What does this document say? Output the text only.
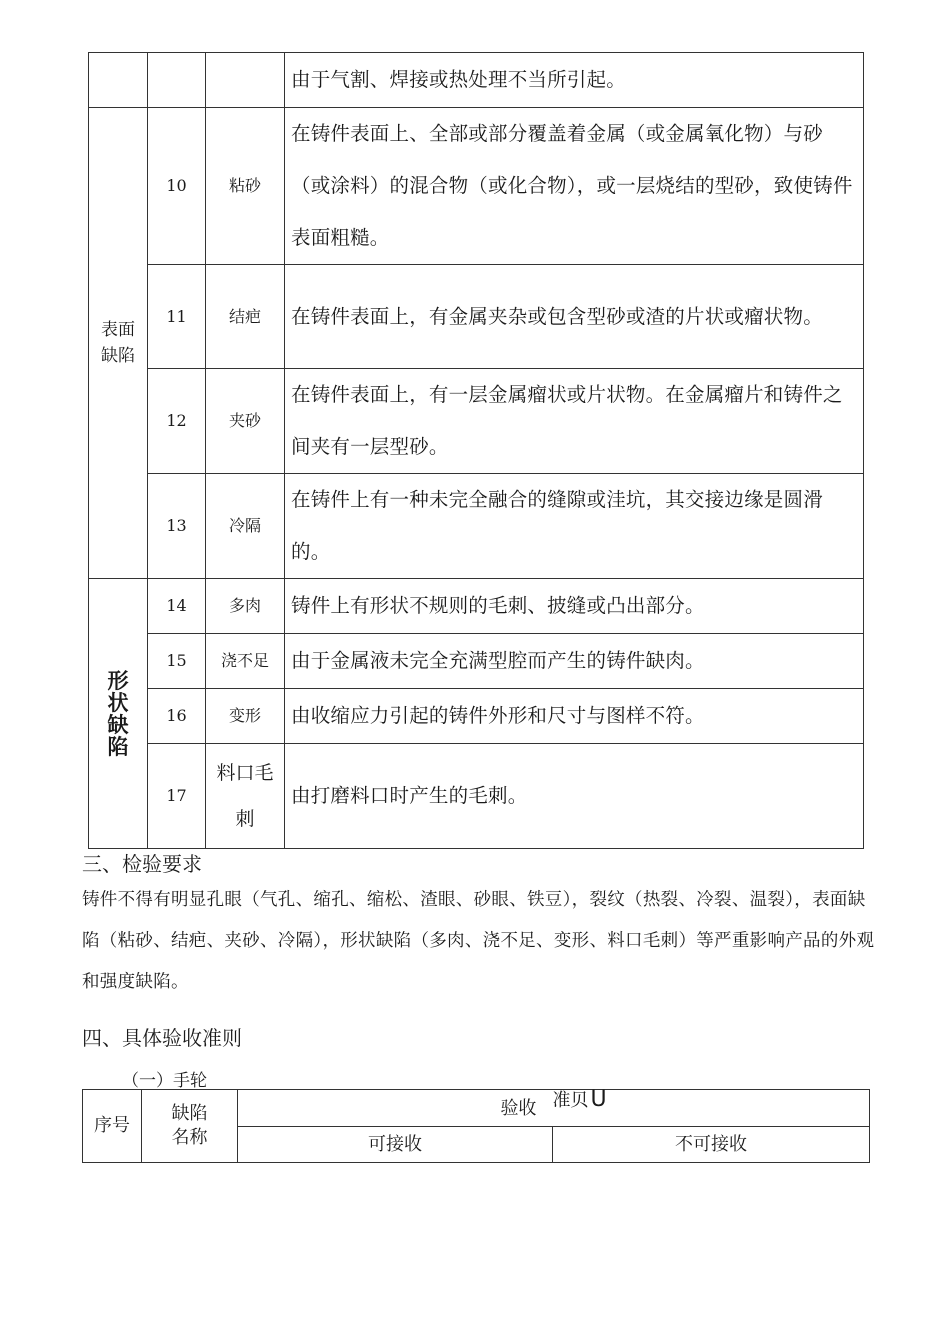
			由于气割、焊接或热处理不当所引起。

表面缺陷	10	粘砂	在铸件表面上、全部或部分覆盖着金属（或金属氧化物）与砂（或涂料）的混合物（或化合物），或一层烧结的型砂，致使铸件表面粗糙。
	11	结疤	在铸件表面上，有金属夹杂或包含型砂或渣的片状或瘤状物。
	12	夹砂	在铸件表面上，有一层金属瘤状或片状物。在金属瘤片和铸件之间夹有一层型砂。
	13	冷隔	在铸件上有一种未完全融合的缝隙或洼坑，其交接边缘是圆滑的。

形状缺陷	14	多肉	铸件上有形状不规则的毛刺、披缝或凸出部分。
	15	浇不足	由于金属液未完全充满型腔而产生的铸件缺肉。
	16	变形	由收缩应力引起的铸件外形和尺寸与图样不符。
	17	料口毛刺	由打磨料口时产生的毛刺。
三、检验要求
铸件不得有明显孔眼（气孔、缩孔、缩松、渣眼、砂眼、铁豆），裂纹（热裂、冷裂、温裂），表面缺陷（粘砂、结疤、夹砂、冷隔），形状缺陷（多肉、浇不足、变形、料口毛刺）等严重影响产品的外观和强度缺陷。
四、具体验收准则
（一）手轮
序号	缺陷名称	验收 准贝U	
		可接收	不可接收
